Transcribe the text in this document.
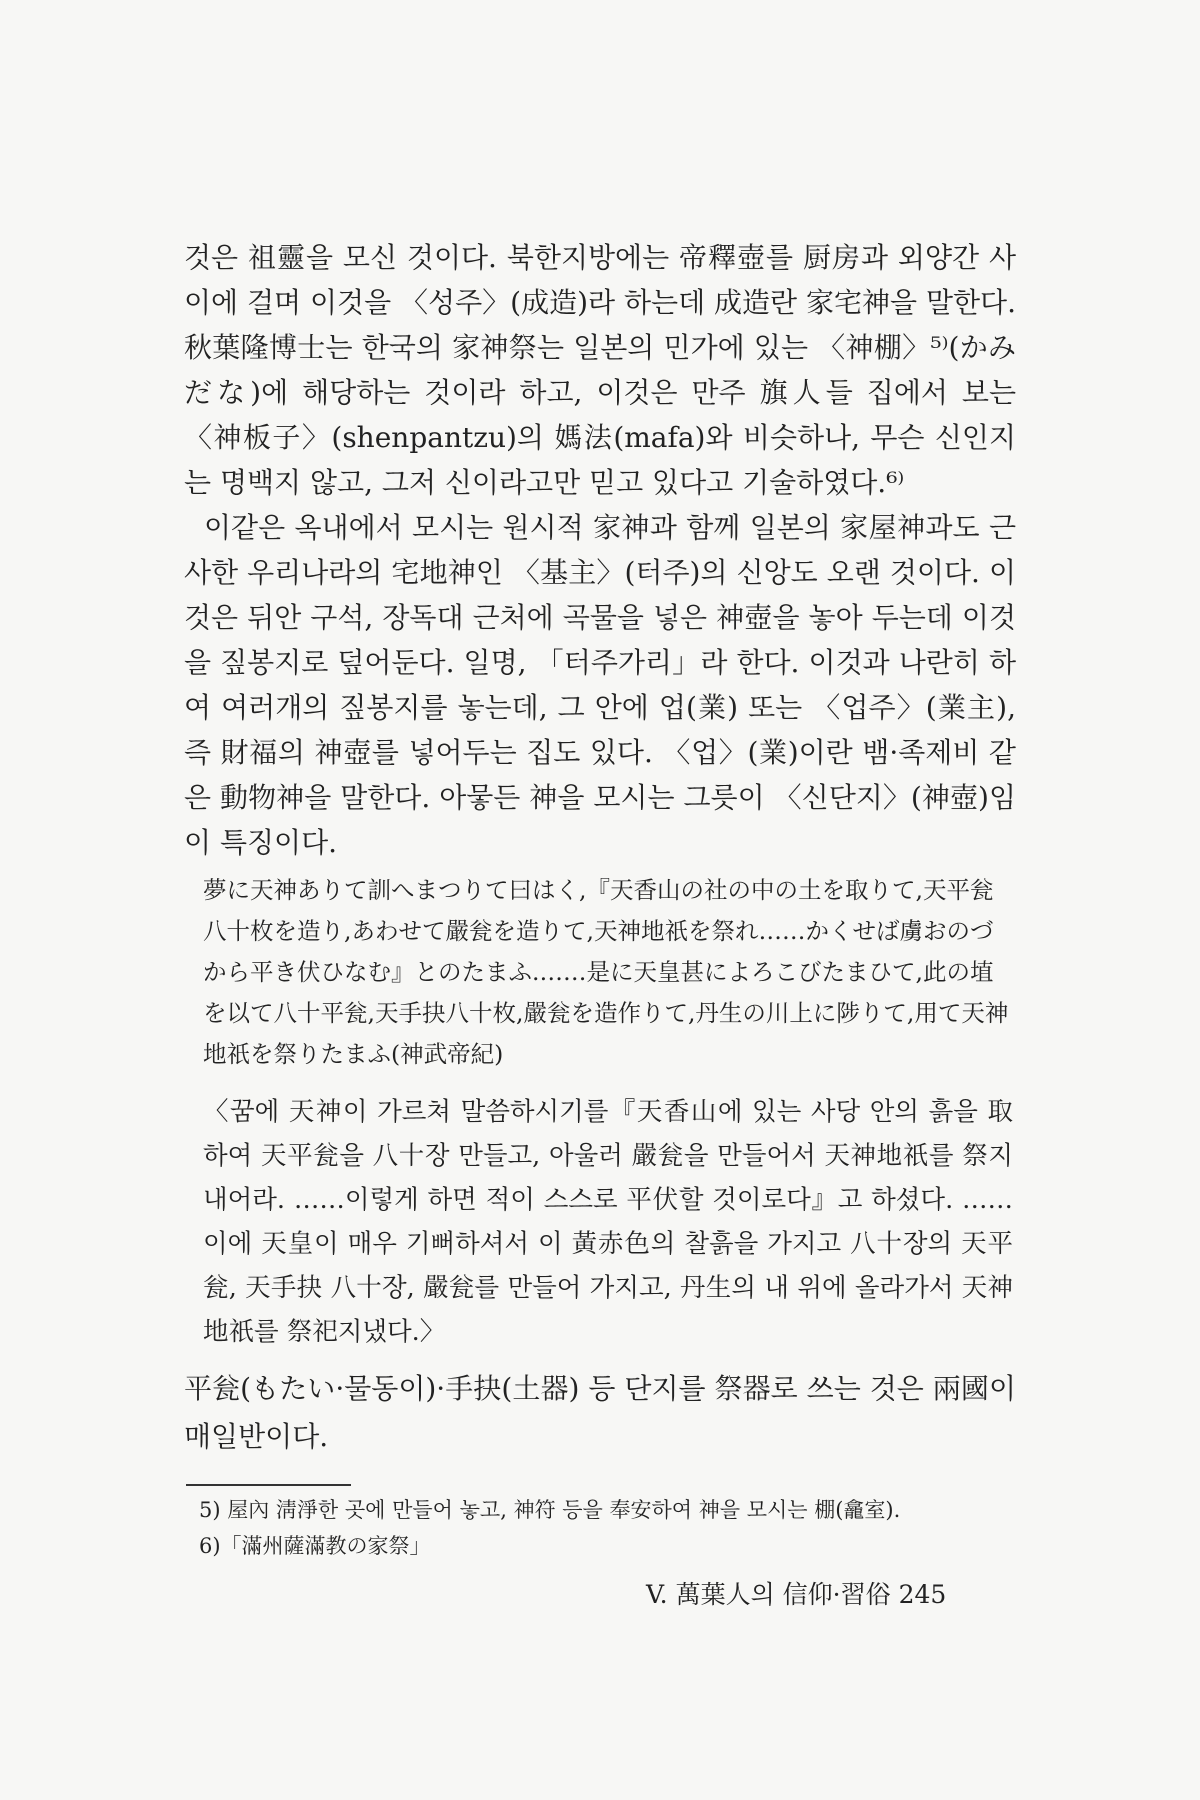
것은 祖靈을 모신 것이다. 북한지방에는 帝釋壺를 厨房과 외양간 사이에 걸며 이것을 〈성주〉(成造)라 하는데 成造란 家宅神을 말한다. 秋葉隆博士는 한국의 家神祭는 일본의 민가에 있는 〈神棚〉⁵⁾(かみだな)에 해당하는 것이라 하고, 이것은 만주 旗人들 집에서 보는 〈神板子〉(shenpantzu)의 媽法(mafa)와 비슷하나, 무슨 신인지는 명백지 않고, 그저 신이라고만 믿고 있다고 기술하였다.⁶⁾

이같은 옥내에서 모시는 원시적 家神과 함께 일본의 家屋神과도 근사한 우리나라의 宅地神인 〈基主〉(터주)의 신앙도 오랜 것이다. 이것은 뒤안 구석, 장독대 근처에 곡물을 넣은 神壺을 놓아 두는데 이것을 짚봉지로 덮어둔다. 일명, 「터주가리」라 한다. 이것과 나란히 하여 여러개의 짚봉지를 놓는데, 그 안에 업(業) 또는 〈업주〉(業主), 즉 財福의 神壺를 넣어두는 집도 있다. 〈업〉(業)이란 뱀·족제비 같은 動物神을 말한다. 아뭏든 神을 모시는 그릇이 〈신단지〉(神壺)임이 특징이다.

夢に天神ありて訓へまつりて曰はく,『天香山の社の中の土を取りて,天平瓮八十枚を造り,あわせて嚴瓮を造りて,天神地祇を祭れ……かくせば虜おのづから平き伏ひなむ』とのたまふ.……是に天皇甚によろこびたまひて,此の埴を以て八十平瓮,天手抉八十枚,嚴瓮を造作りて,丹生の川上に陟りて,用て天神地祇を祭りたまふ(神武帝紀)

〈꿈에 天神이 가르쳐 말씀하시기를『天香山에 있는 사당 안의 흙을 取하여 天平瓮을 八十장 만들고, 아울러 嚴瓮을 만들어서 天神地祇를 祭지내어라. ……이렇게 하면 적이 스스로 平伏할 것이로다』고 하셨다. ……이에 天皇이 매우 기뻐하셔서 이 黃赤色의 찰흙을 가지고 八十장의 天平瓮, 天手抉 八十장, 嚴瓮를 만들어 가지고, 丹生의 내 위에 올라가서 天神地祇를 祭祀지냈다.〉

平瓮(もたい·물동이)·手抉(土器) 등 단지를 祭器로 쓰는 것은 兩國이 매일반이다.

5) 屋內 淸淨한 곳에 만들어 놓고, 神符 등을 奉安하여 神을 모시는 棚(龕室).

6)「滿州薩滿教の家祭」

V. 萬葉人의 信仰·習俗 245
